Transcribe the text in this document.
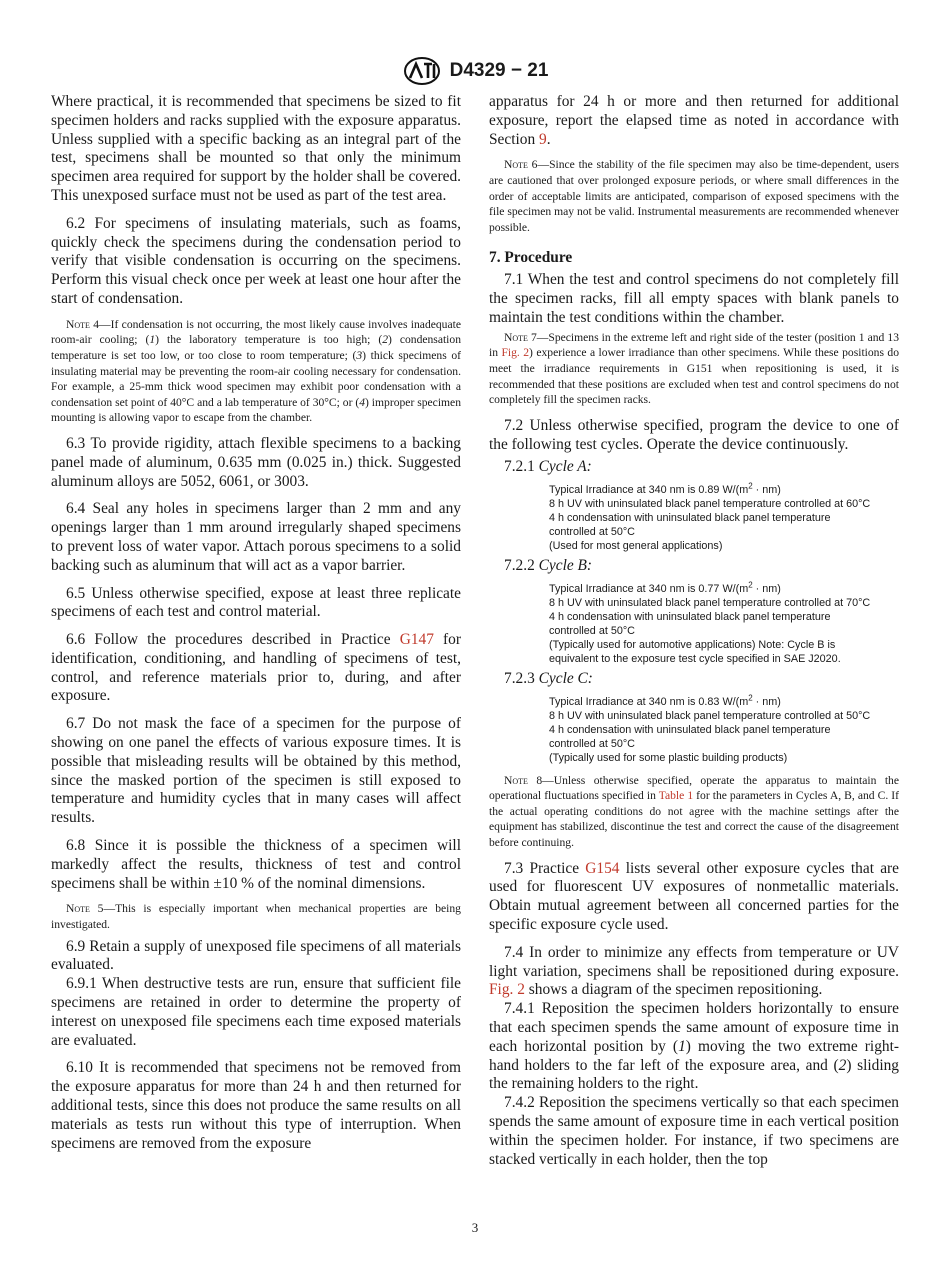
D4329 − 21

Where practical, it is recommended that specimens be sized to fit specimen holders and racks supplied with the exposure apparatus. Unless supplied with a specific backing as an integral part of the test, specimens shall be mounted so that only the minimum specimen area required for support by the holder shall be covered. This unexposed surface must not be used as part of the test area.

6.2 For specimens of insulating materials, such as foams, quickly check the specimens during the condensation period to verify that visible condensation is occurring on the specimens. Perform this visual check once per week at least one hour after the start of condensation.

Note 4—If condensation is not occurring, the most likely cause involves inadequate room-air cooling; (1) the laboratory temperature is too high; (2) condensation temperature is set too low, or too close to room temperature; (3) thick specimens of insulating material may be preventing the room-air cooling necessary for condensation. For example, a 25-mm thick wood specimen may exhibit poor condensation with a condensation set point of 40°C and a lab temperature of 30°C; or (4) improper specimen mounting is allowing vapor to escape from the chamber.

6.3 To provide rigidity, attach flexible specimens to a backing panel made of aluminum, 0.635 mm (0.025 in.) thick. Suggested aluminum alloys are 5052, 6061, or 3003.

6.4 Seal any holes in specimens larger than 2 mm and any openings larger than 1 mm around irregularly shaped specimens to prevent loss of water vapor. Attach porous specimens to a solid backing such as aluminum that will act as a vapor barrier.

6.5 Unless otherwise specified, expose at least three replicate specimens of each test and control material.

6.6 Follow the procedures described in Practice G147 for identification, conditioning, and handling of specimens of test, control, and reference materials prior to, during, and after exposure.

6.7 Do not mask the face of a specimen for the purpose of showing on one panel the effects of various exposure times. It is possible that misleading results will be obtained by this method, since the masked portion of the specimen is still exposed to temperature and humidity cycles that in many cases will affect results.

6.8 Since it is possible the thickness of a specimen will markedly affect the results, thickness of test and control specimens shall be within ±10 % of the nominal dimensions.

Note 5—This is especially important when mechanical properties are being investigated.

6.9 Retain a supply of unexposed file specimens of all materials evaluated.

6.9.1 When destructive tests are run, ensure that sufficient file specimens are retained in order to determine the property of interest on unexposed file specimens each time exposed materials are evaluated.

6.10 It is recommended that specimens not be removed from the exposure apparatus for more than 24 h and then returned for additional tests, since this does not produce the same results on all materials as tests run without this type of interruption. When specimens are removed from the exposure

apparatus for 24 h or more and then returned for additional exposure, report the elapsed time as noted in accordance with Section 9.

Note 6—Since the stability of the file specimen may also be time-dependent, users are cautioned that over prolonged exposure periods, or where small differences in the order of acceptable limits are anticipated, comparison of exposed specimens with the file specimen may not be valid. Instrumental measurements are recommended whenever possible.
7. Procedure

7.1 When the test and control specimens do not completely fill the specimen racks, fill all empty spaces with blank panels to maintain the test conditions within the chamber.

Note 7—Specimens in the extreme left and right side of the tester (position 1 and 13 in Fig. 2) experience a lower irradiance than other specimens. While these positions do meet the irradiance requirements in G151 when repositioning is used, it is recommended that these positions are excluded when test and control specimens do not completely fill the specimen racks.

7.2 Unless otherwise specified, program the device to one of the following test cycles. Operate the device continuously.

7.2.1 Cycle A:
Typical Irradiance at 340 nm is 0.89 $W/(m^2 \cdot nm)$
8 h UV with uninsulated black panel temperature controlled at 60°C
4 h condensation with uninsulated black panel temperature
controlled at 50°C
(Used for most general applications)
7.2.2 Cycle B:
Typical Irradiance at 340 nm is 0.77 $W/(m^2 \cdot nm)$
8 h UV with uninsulated black panel temperature controlled at 70°C
4 h condensation with uninsulated black panel temperature
controlled at 50°C
(Typically used for automotive applications) Note: Cycle B is
equivalent to the exposure test cycle specified in SAE J2020.
7.2.3 Cycle C:
Typical Irradiance at 340 nm is 0.83 $W/(m^2 \cdot nm)$
8 h UV with uninsulated black panel temperature controlled at 50°C
4 h condensation with uninsulated black panel temperature
controlled at 50°C
(Typically used for some plastic building products)
Note 8—Unless otherwise specified, operate the apparatus to maintain the operational fluctuations specified in Table 1 for the parameters in Cycles A, B, and C. If the actual operating conditions do not agree with the machine settings after the equipment has stabilized, discontinue the test and correct the cause of the disagreement before continuing.

7.3 Practice G154 lists several other exposure cycles that are used for fluorescent UV exposures of nonmetallic materials. Obtain mutual agreement between all concerned parties for the specific exposure cycle used.

7.4 In order to minimize any effects from temperature or UV light variation, specimens shall be repositioned during exposure. Fig. 2 shows a diagram of the specimen repositioning.

7.4.1 Reposition the specimen holders horizontally to ensure that each specimen spends the same amount of exposure time in each horizontal position by (1) moving the two extreme right-hand holders to the far left of the exposure area, and (2) sliding the remaining holders to the right.

7.4.2 Reposition the specimens vertically so that each specimen spends the same amount of exposure time in each vertical position within the specimen holder. For instance, if two specimens are stacked vertically in each holder, then the top

3
